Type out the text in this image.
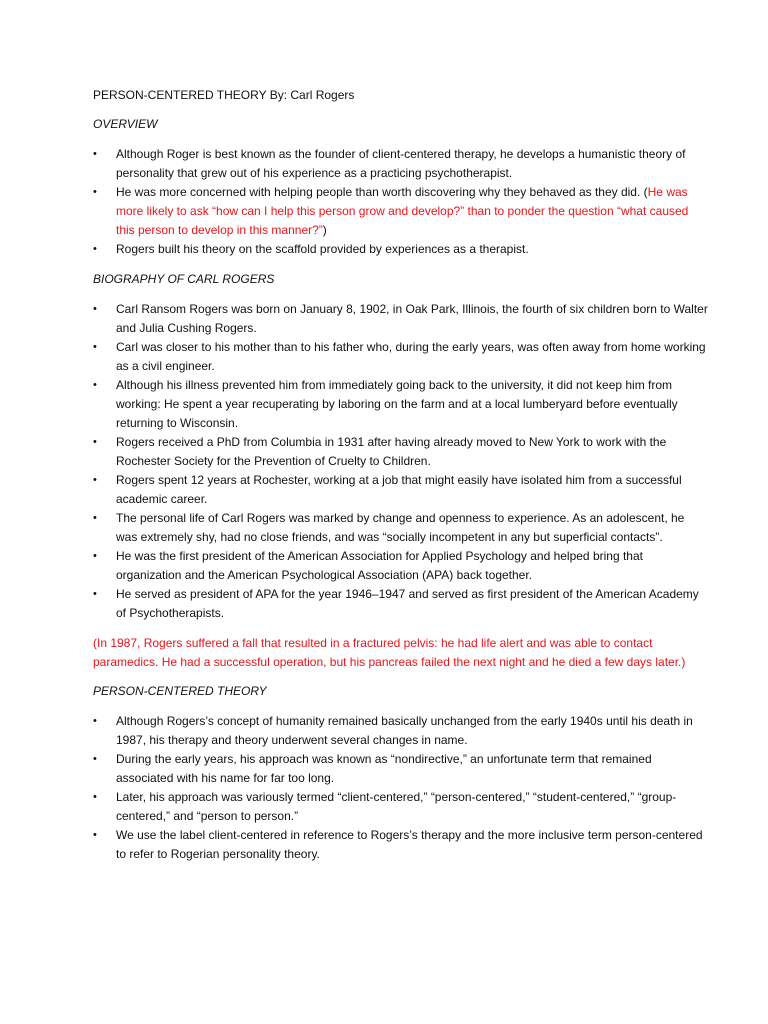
PERSON-CENTERED THEORY By: Carl Rogers

OVERVIEW

•	Although Roger is best known as the founder of client-centered therapy, he develops a humanistic theory of personality that grew out of his experience as a practicing psychotherapist.
•	He was more concerned with helping people than worth discovering why they behaved as they did. (He was more likely to ask “how can I help this person grow and develop?” than to ponder the question “what caused this person to develop in this manner?”)
•	Rogers built his theory on the scaffold provided by experiences as a therapist.

BIOGRAPHY OF CARL ROGERS

•	Carl Ransom Rogers was born on January 8, 1902, in Oak Park, Illinois, the fourth of six children born to Walter and Julia Cushing Rogers.
•	Carl was closer to his mother than to his father who, during the early years, was often away from home working as a civil engineer.
•	Although his illness prevented him from immediately going back to the university, it did not keep him from working: He spent a year recuperating by laboring on the farm and at a local lumberyard before eventually returning to Wisconsin.
•	Rogers received a PhD from Columbia in 1931 after having already moved to New York to work with the Rochester Society for the Prevention of Cruelty to Children.
•	Rogers spent 12 years at Rochester, working at a job that might easily have isolated him from a successful academic career.
•	The personal life of Carl Rogers was marked by change and openness to experience. As an adolescent, he was extremely shy, had no close friends, and was “socially incompetent in any but superficial contacts”.
•	He was the first president of the American Association for Applied Psychology and helped bring that organization and the American Psychological Association (APA) back together.
•	He served as president of APA for the year 1946–1947 and served as first president of the American Academy of Psychotherapists.

(In 1987, Rogers suffered a fall that resulted in a fractured pelvis: he had life alert and was able to contact paramedics. He had a successful operation, but his pancreas failed the next night and he died a few days later.)

PERSON-CENTERED THEORY

•	Although Rogers’s concept of humanity remained basically unchanged from the early 1940s until his death in 1987, his therapy and theory underwent several changes in name.
•	During the early years, his approach was known as “nondirective,” an unfortunate term that remained associated with his name for far too long.
•	Later, his approach was variously termed “client-centered,” “person-centered,” “student-centered,” “group-centered,” and “person to person.”
•	We use the label client-centered in reference to Rogers’s therapy and the more inclusive term person-centered to refer to Rogerian personality theory.
